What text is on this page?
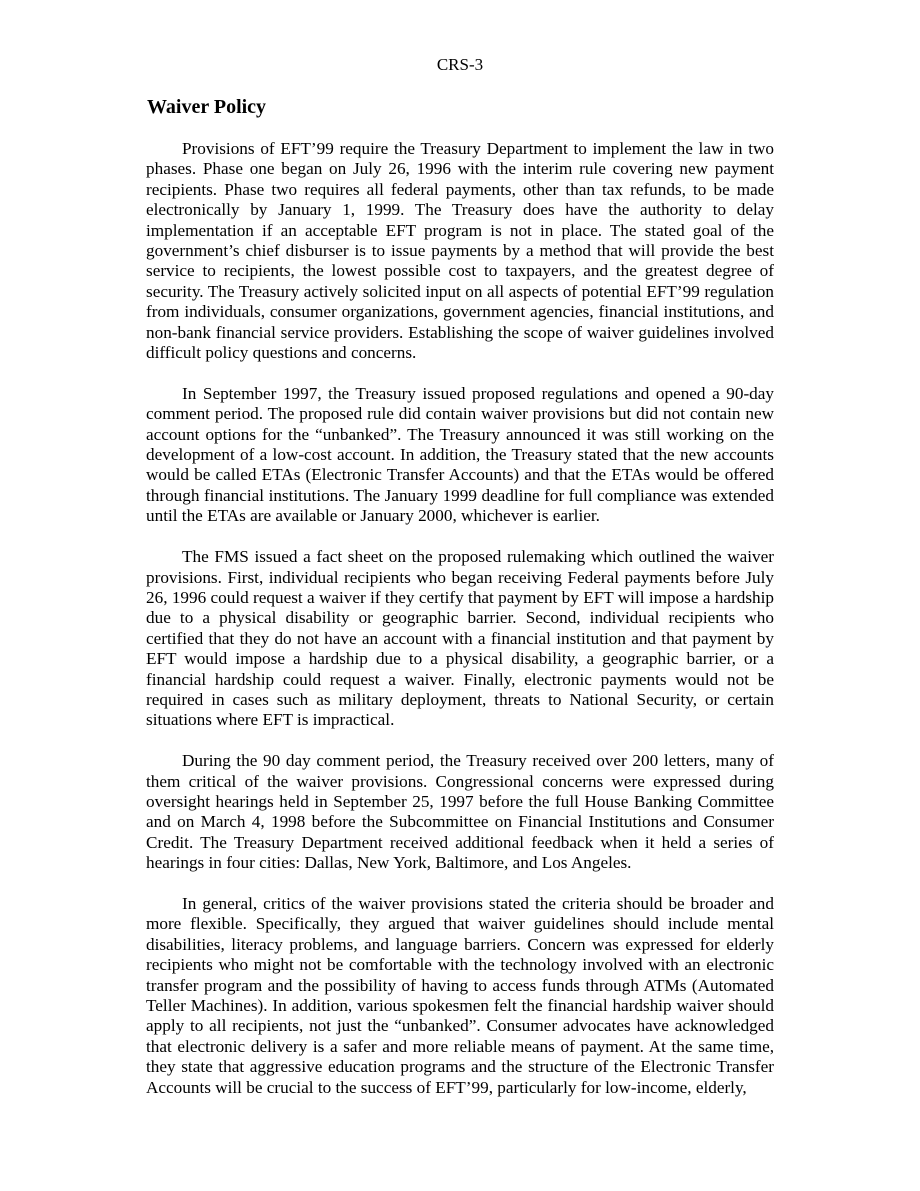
CRS-3
Waiver Policy

Provisions of EFT’99 require the Treasury Department to implement the law in two phases. Phase one began on July 26, 1996 with the interim rule covering new payment recipients. Phase two requires all federal payments, other than tax refunds, to be made electronically by January 1, 1999. The Treasury does have the authority to delay implementation if an acceptable EFT program is not in place. The stated goal of the government’s chief disburser is to issue payments by a method that will provide the best service to recipients, the lowest possible cost to taxpayers, and the greatest degree of security. The Treasury actively solicited input on all aspects of potential EFT’99 regulation from individuals, consumer organizations, government agencies, financial institutions, and non-bank financial service providers. Establishing the scope of waiver guidelines involved difficult policy questions and concerns.

In September 1997, the Treasury issued proposed regulations and opened a 90-day comment period. The proposed rule did contain waiver provisions but did not contain new account options for the “unbanked”. The Treasury announced it was still working on the development of a low-cost account. In addition, the Treasury stated that the new accounts would be called ETAs (Electronic Transfer Accounts) and that the ETAs would be offered through financial institutions. The January 1999 deadline for full compliance was extended until the ETAs are available or January 2000, whichever is earlier.

The FMS issued a fact sheet on the proposed rulemaking which outlined the waiver provisions. First, individual recipients who began receiving Federal payments before July 26, 1996 could request a waiver if they certify that payment by EFT will impose a hardship due to a physical disability or geographic barrier. Second, individual recipients who certified that they do not have an account with a financial institution and that payment by EFT would impose a hardship due to a physical disability, a geographic barrier, or a financial hardship could request a waiver. Finally, electronic payments would not be required in cases such as military deployment, threats to National Security, or certain situations where EFT is impractical.

During the 90 day comment period, the Treasury received over 200 letters, many of them critical of the waiver provisions. Congressional concerns were expressed during oversight hearings held in September 25, 1997 before the full House Banking Committee and on March 4, 1998 before the Subcommittee on Financial Institutions and Consumer Credit. The Treasury Department received additional feedback when it held a series of hearings in four cities: Dallas, New York, Baltimore, and Los Angeles.

In general, critics of the waiver provisions stated the criteria should be broader and more flexible. Specifically, they argued that waiver guidelines should include mental disabilities, literacy problems, and language barriers. Concern was expressed for elderly recipients who might not be comfortable with the technology involved with an electronic transfer program and the possibility of having to access funds through ATMs (Automated Teller Machines). In addition, various spokesmen felt the financial hardship waiver should apply to all recipients, not just the “unbanked”. Consumer advocates have acknowledged that electronic delivery is a safer and more reliable means of payment. At the same time, they state that aggressive education programs and the structure of the Electronic Transfer Accounts will be crucial to the success of EFT’99, particularly for low-income, elderly,
